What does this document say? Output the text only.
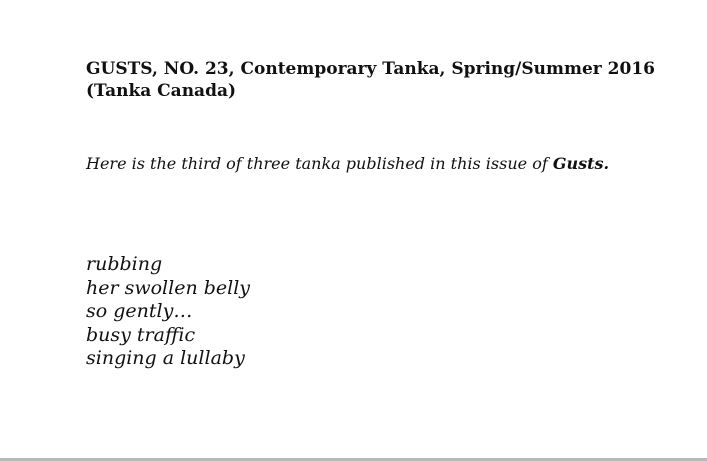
GUSTS, NO. 23, Contemporary Tanka, Spring/Summer 2016
(Tanka Canada)
Here is the third of three tanka published in this issue of Gusts.
rubbing
her swollen belly
so gently…
busy traffic
singing a lullaby
